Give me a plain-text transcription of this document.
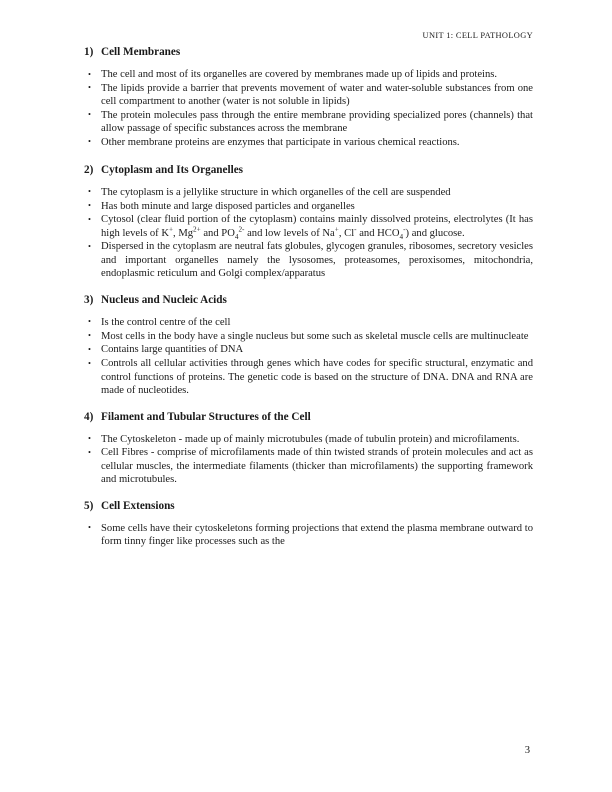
UNIT 1: CELL PATHOLOGY
1) Cell Membranes
• The cell and most of its organelles are covered by membranes made up of lipids and proteins.
• The lipids provide a barrier that prevents movement of water and water-soluble substances from one cell compartment to another (water is not soluble in lipids)
• The protein molecules pass through the entire membrane providing specialized pores (channels) that allow passage of specific substances across the membrane
• Other membrane proteins are enzymes that participate in various chemical reactions.
2) Cytoplasm and Its Organelles
• The cytoplasm is a jellylike structure in which organelles of the cell are suspended
• Has both minute and large disposed particles and organelles
• Cytosol (clear fluid portion of the cytoplasm) contains mainly dissolved proteins, electrolytes (It has high levels of K+, $Mg^{2+}$ and $PO_4^{2-}$ and low levels of Na+, Cl- and $HCO_4^-$) and glucose.
• Dispersed in the cytoplasm are neutral fats globules, glycogen granules, ribosomes, secretory vesicles and important organelles namely the lysosomes, proteasomes, peroxisomes, mitochondria, endoplasmic reticulum and Golgi complex/apparatus
3) Nucleus and Nucleic Acids
• Is the control centre of the cell
• Most cells in the body have a single nucleus but some such as skeletal muscle cells are multinucleate
• Contains large quantities of DNA
• Controls all cellular activities through genes which have codes for specific structural, enzymatic and control functions of proteins. The genetic code is based on the structure of DNA. DNA and RNA are made of nucleotides.
4) Filament and Tubular Structures of the Cell
• The Cytoskeleton - made up of mainly microtubules (made of tubulin protein) and microfilaments.
• Cell Fibres - comprise of microfilaments made of thin twisted strands of protein molecules and act as cellular muscles, the intermediate filaments (thicker than microfilaments) the supporting framework and microtubules.
5) Cell Extensions
• Some cells have their cytoskeletons forming projections that extend the plasma membrane outward to form tinny finger like processes such as the
3
